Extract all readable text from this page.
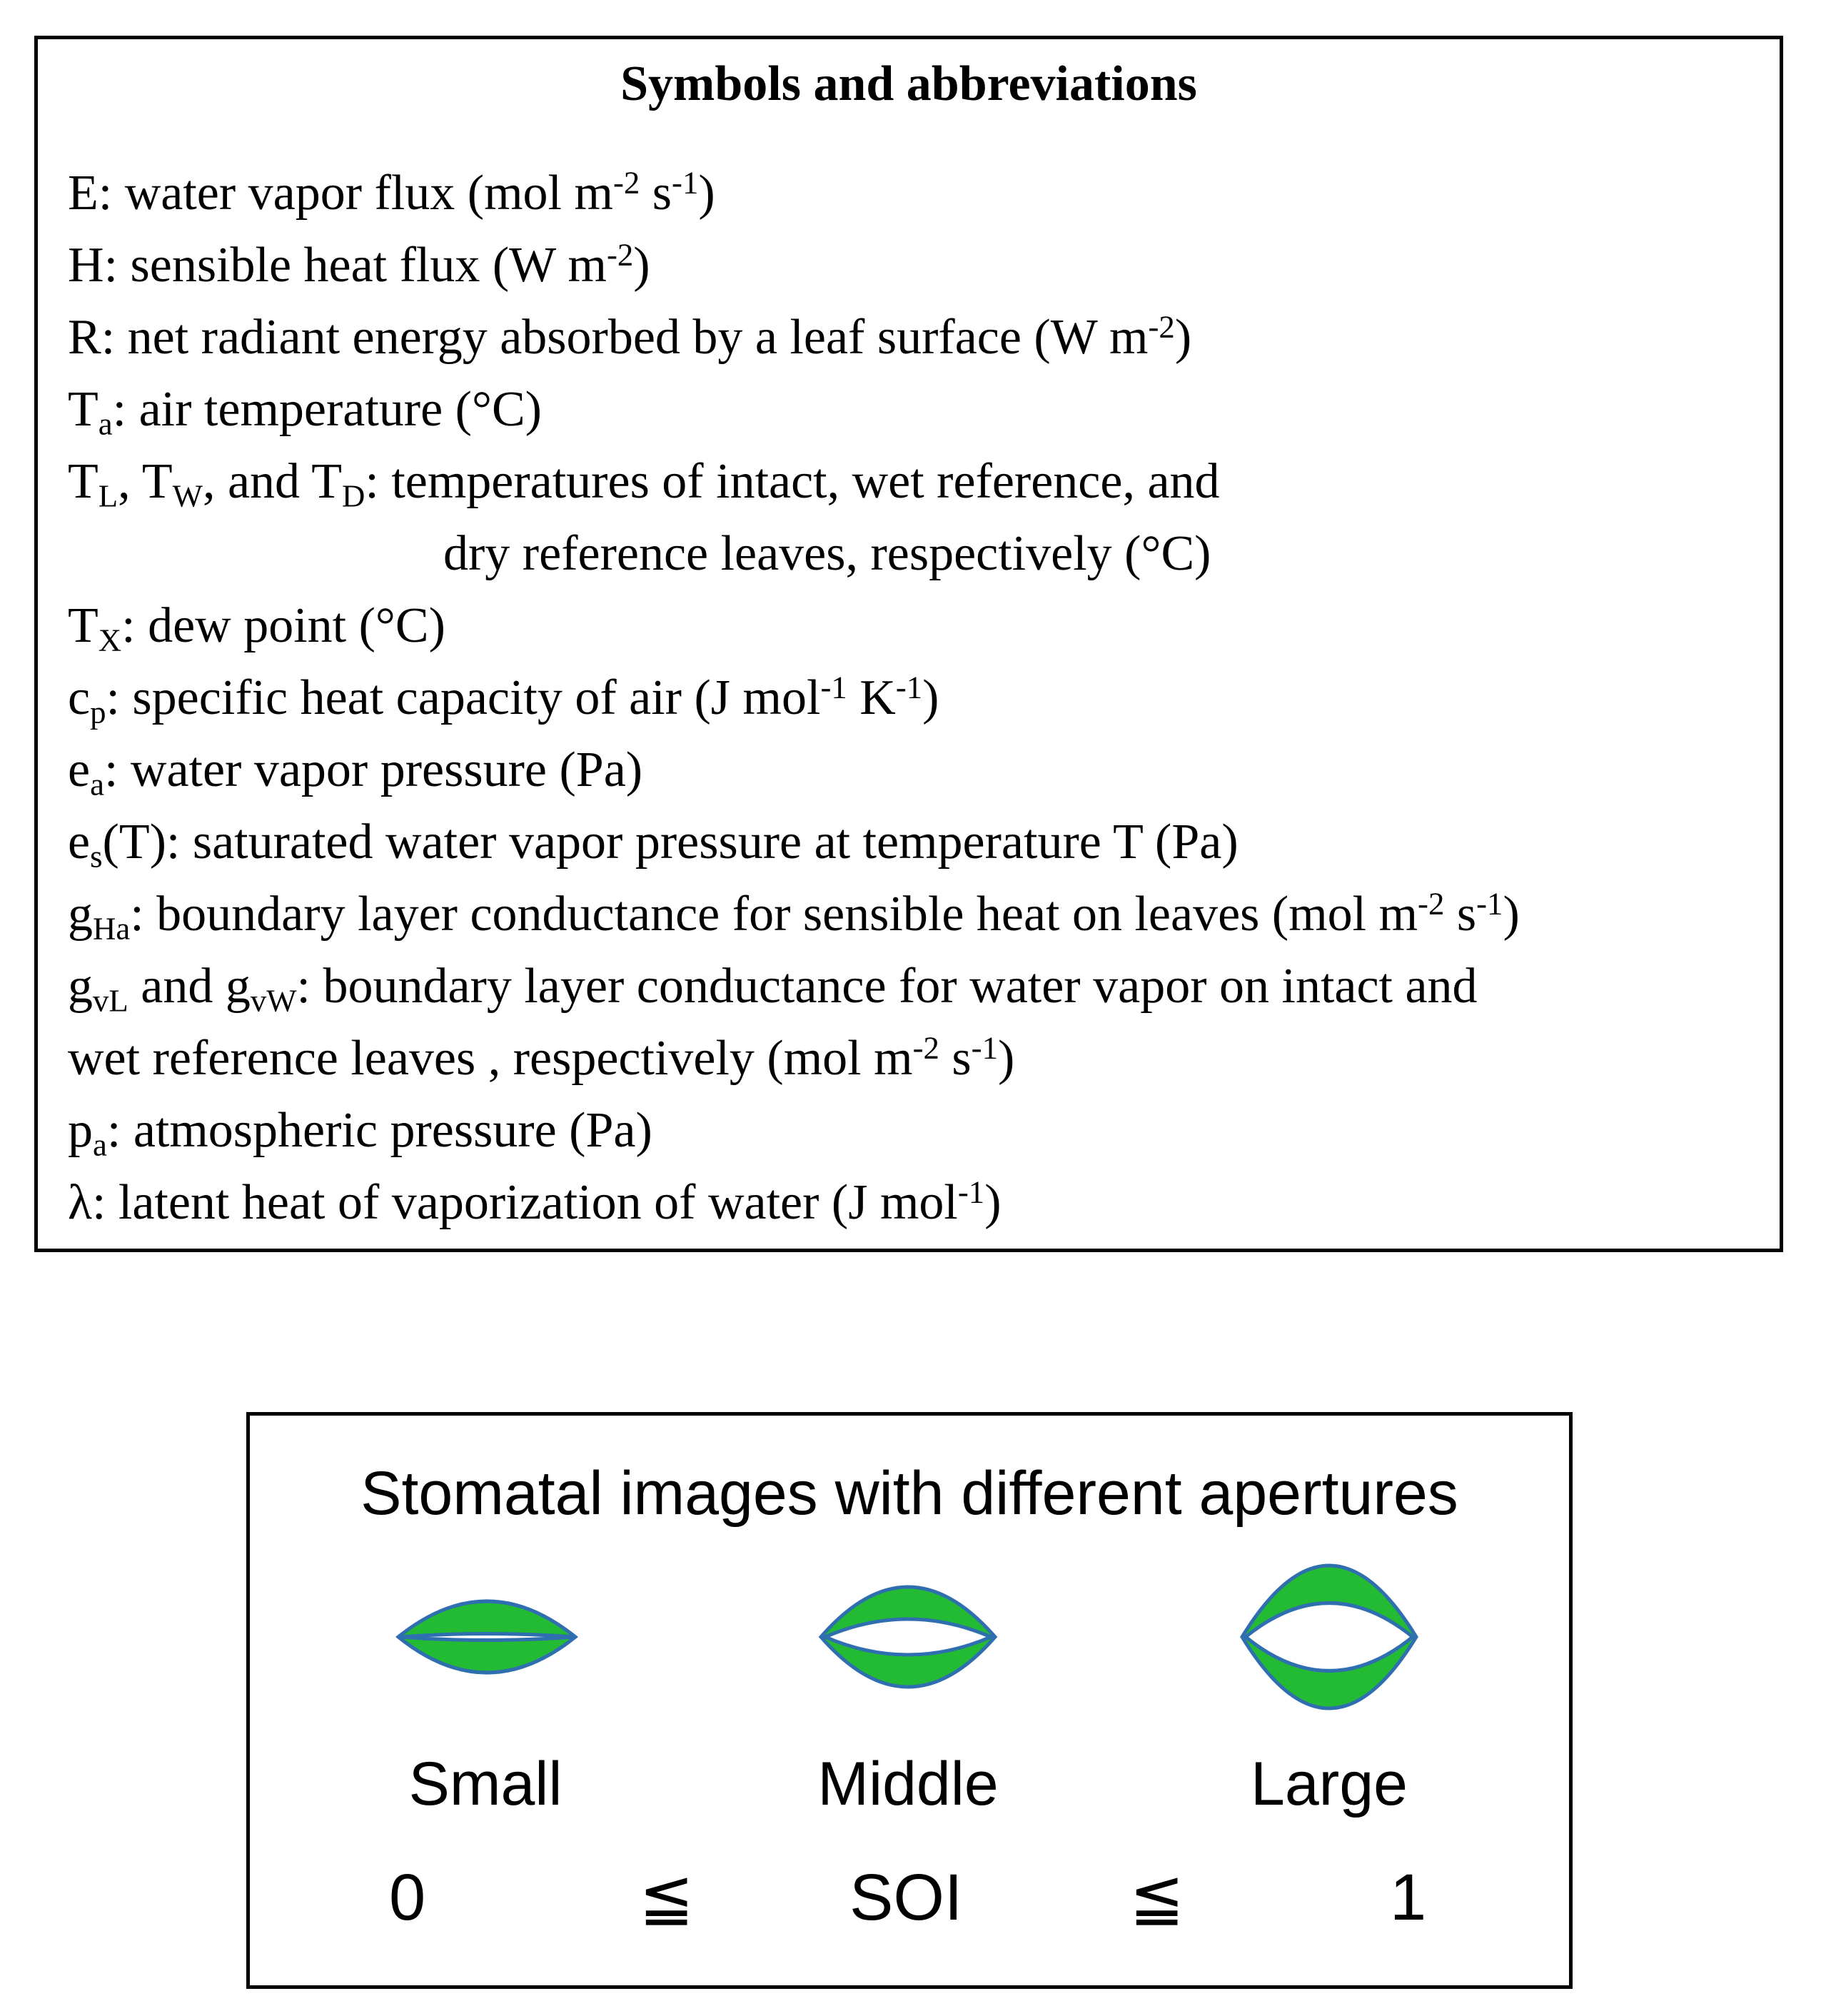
Symbols and abbreviations
E: water vapor flux (mol $m^{-2}$ $s^{-1}$)
H: sensible heat flux (W $m^{-2}$)
R: net radiant energy absorbed by a leaf surface (W $m^{-2}$)
$T_a$: air temperature (°C)
$T_L$, $T_W$, and $T_D$: temperatures of intact, wet reference, and
dry reference leaves, respectively (°C)
$T_X$: dew point (°C)
$c_p$: specific heat capacity of air (J mol$^{-1}$ $K^{-1}$)
$e_a$: water vapor pressure (Pa)
$e_s(T)$: saturated water vapor pressure at temperature T (Pa)
$g_{Ha}$: boundary layer conductance for sensible heat on leaves (mol $m^{-2}$ $s^{-1}$)
$g_{vL}$ and $g_{vW}$: boundary layer conductance for water vapor on intact and
wet reference leaves , respectively (mol $m^{-2}$ $s^{-1}$)
$p_a$: atmospheric pressure (Pa)
λ: latent heat of vaporization of water (J mol$^{-1}$)
Stomatal images with different apertures
Small	Middle	Large
0	≦ SOI	≦	1
